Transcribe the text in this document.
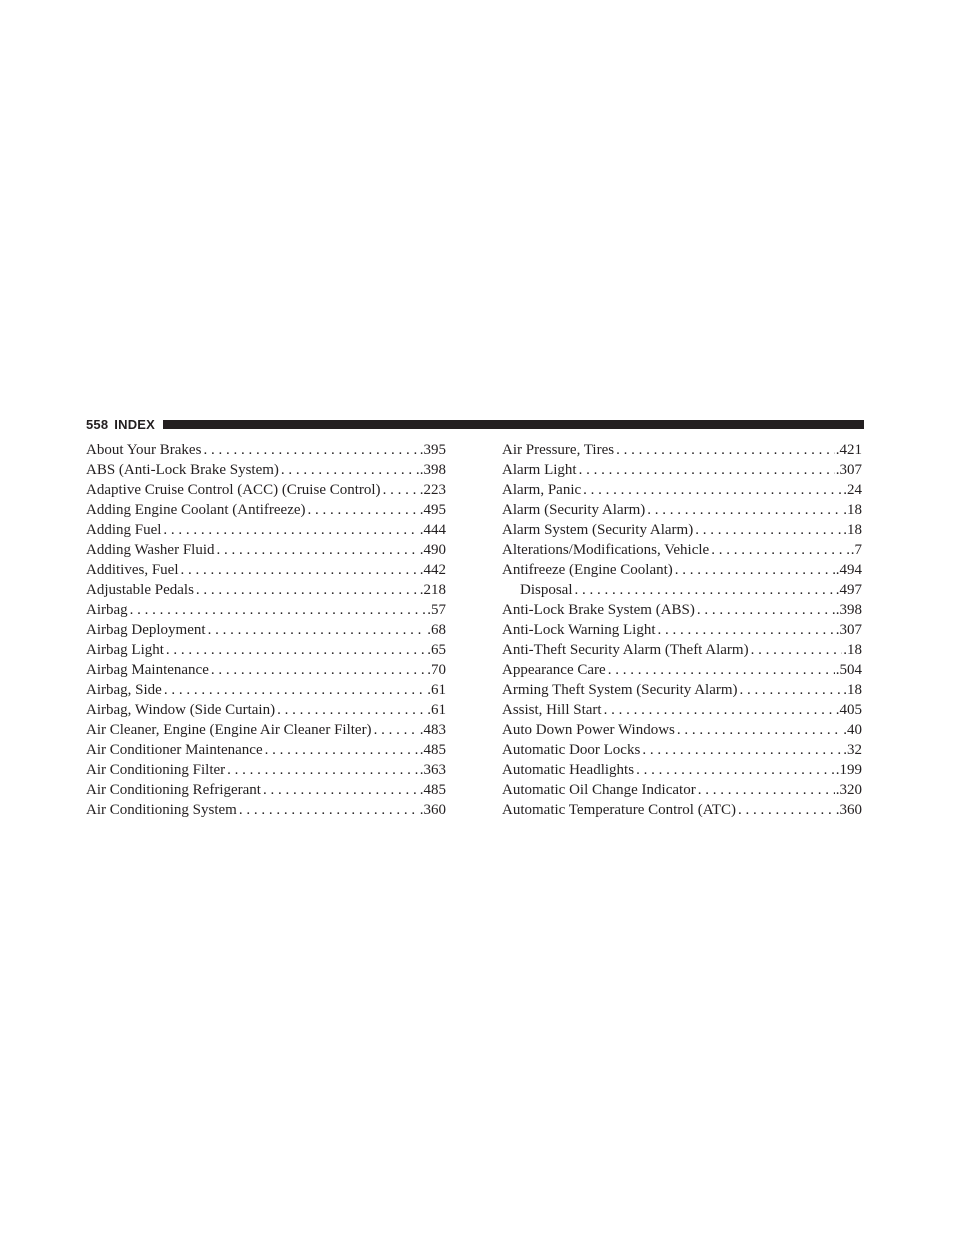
558 INDEX
About Your Brakes . . .	.395
ABS (Anti-Lock Brake System) . . .	.398
Adaptive Cruise Control (ACC) (Cruise Control) . . .	.223
Adding Engine Coolant (Antifreeze) . . .	.495
Adding Fuel . . .	.444
Adding Washer Fluid . . .	.490
Additives, Fuel . . .	.442
Adjustable Pedals . . .	.218
Airbag . . .	.57
Airbag Deployment . . .	.68
Airbag Light . . .	.65
Airbag Maintenance . . .	.70
Airbag, Side . . .	.61
Airbag, Window (Side Curtain) . . .	.61
Air Cleaner, Engine (Engine Air Cleaner Filter) . . .	.483
Air Conditioner Maintenance . . .	.485
Air Conditioning Filter . . .	.363
Air Conditioning Refrigerant . . .	.485
Air Conditioning System . . .	.360
Air Pressure, Tires . . .	.421
Alarm Light . . .	.307
Alarm, Panic . . .	.24
Alarm (Security Alarm) . . .	.18
Alarm System (Security Alarm) . . .	.18
Alterations/Modifications, Vehicle . . .	.7
Antifreeze (Engine Coolant) . . .	.494
Disposal . . .	.497
Anti-Lock Brake System (ABS) . . .	.398
Anti-Lock Warning Light . . .	.307
Anti-Theft Security Alarm (Theft Alarm) . . .	.18
Appearance Care . . .	.504
Arming Theft System (Security Alarm) . . .	.18
Assist, Hill Start . . .	.405
Auto Down Power Windows . . .	.40
Automatic Door Locks . . .	.32
Automatic Headlights . . .	.199
Automatic Oil Change Indicator . . .	.320
Automatic Temperature Control (ATC) . . .	.360
